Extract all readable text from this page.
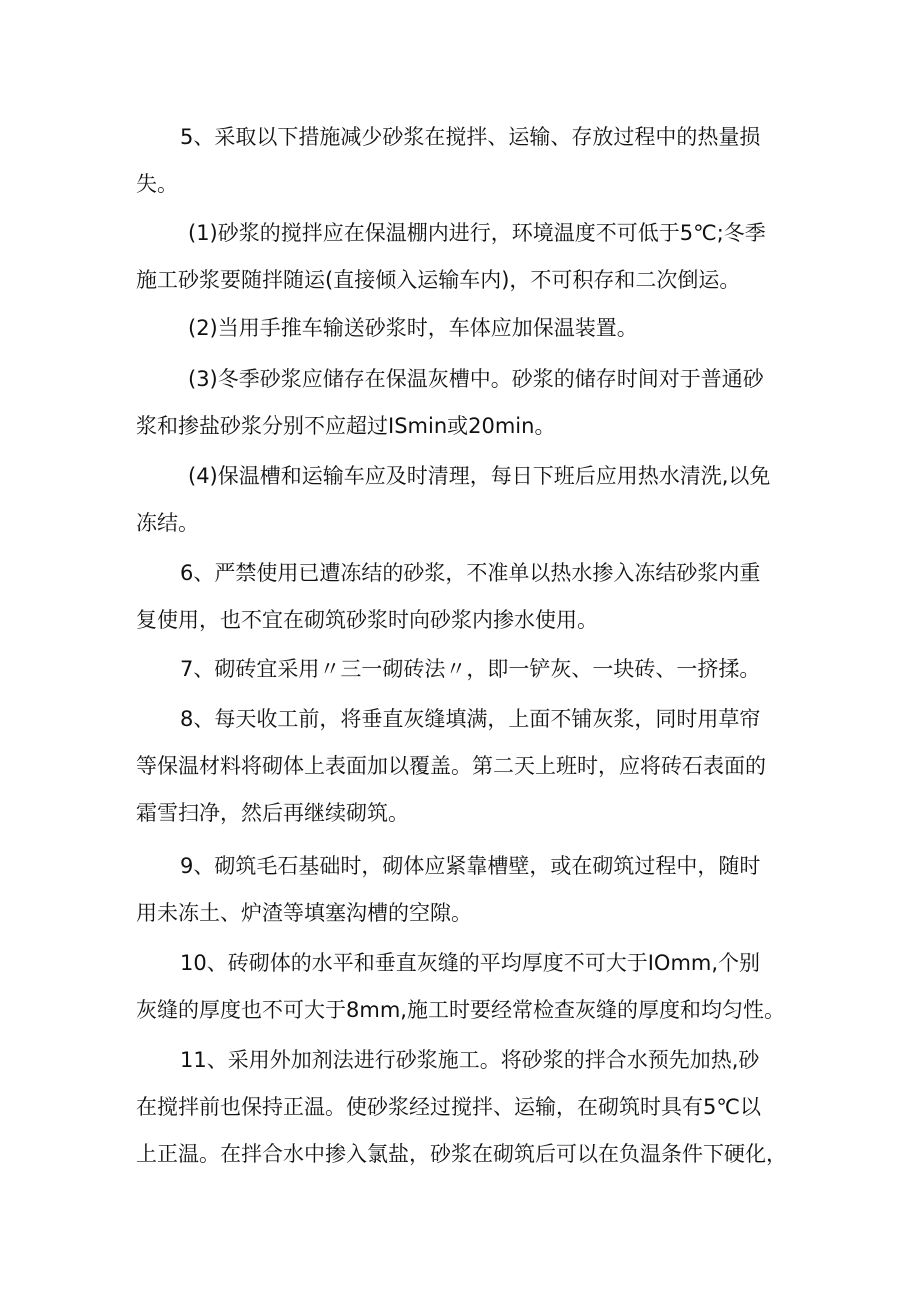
5、采取以下措施减少砂浆在搅拌、运输、存放过程中的热量损
失。

(1)砂浆的搅拌应在保温棚内进行，环境温度不可低于5℃;冬季
施工砂浆要随拌随运(直接倾入运输车内)，不可积存和二次倒运。

(2)当用手推车输送砂浆时，车体应加保温装置。

(3)冬季砂浆应储存在保温灰槽中。砂浆的储存时间对于普通砂
浆和掺盐砂浆分别不应超过ISmin或20min。

(4)保温槽和运输车应及时清理，每日下班后应用热水清洗,以免
冻结。

6、严禁使用已遭冻结的砂浆，不准单以热水掺入冻结砂浆内重
复使用，也不宜在砌筑砂浆时向砂浆内掺水使用。

7、砌砖宜采用〃三一砌砖法〃，即一铲灰、一块砖、一挤揉。

8、每天收工前，将垂直灰缝填满，上面不铺灰浆，同时用草帘
等保温材料将砌体上表面加以覆盖。第二天上班时，应将砖石表面的
霜雪扫净，然后再继续砌筑。

9、砌筑毛石基础时，砌体应紧靠槽壁，或在砌筑过程中，随时
用未冻土、炉渣等填塞沟槽的空隙。

10、砖砌体的水平和垂直灰缝的平均厚度不可大于IOmm,个别
灰缝的厚度也不可大于8mm,施工时要经常检查灰缝的厚度和均匀性。

11、采用外加剂法进行砂浆施工。将砂浆的拌合水预先加热,砂
在搅拌前也保持正温。使砂浆经过搅拌、运输，在砌筑时具有5℃以
上正温。在拌合水中掺入氯盐，砂浆在砌筑后可以在负温条件下硬化，
